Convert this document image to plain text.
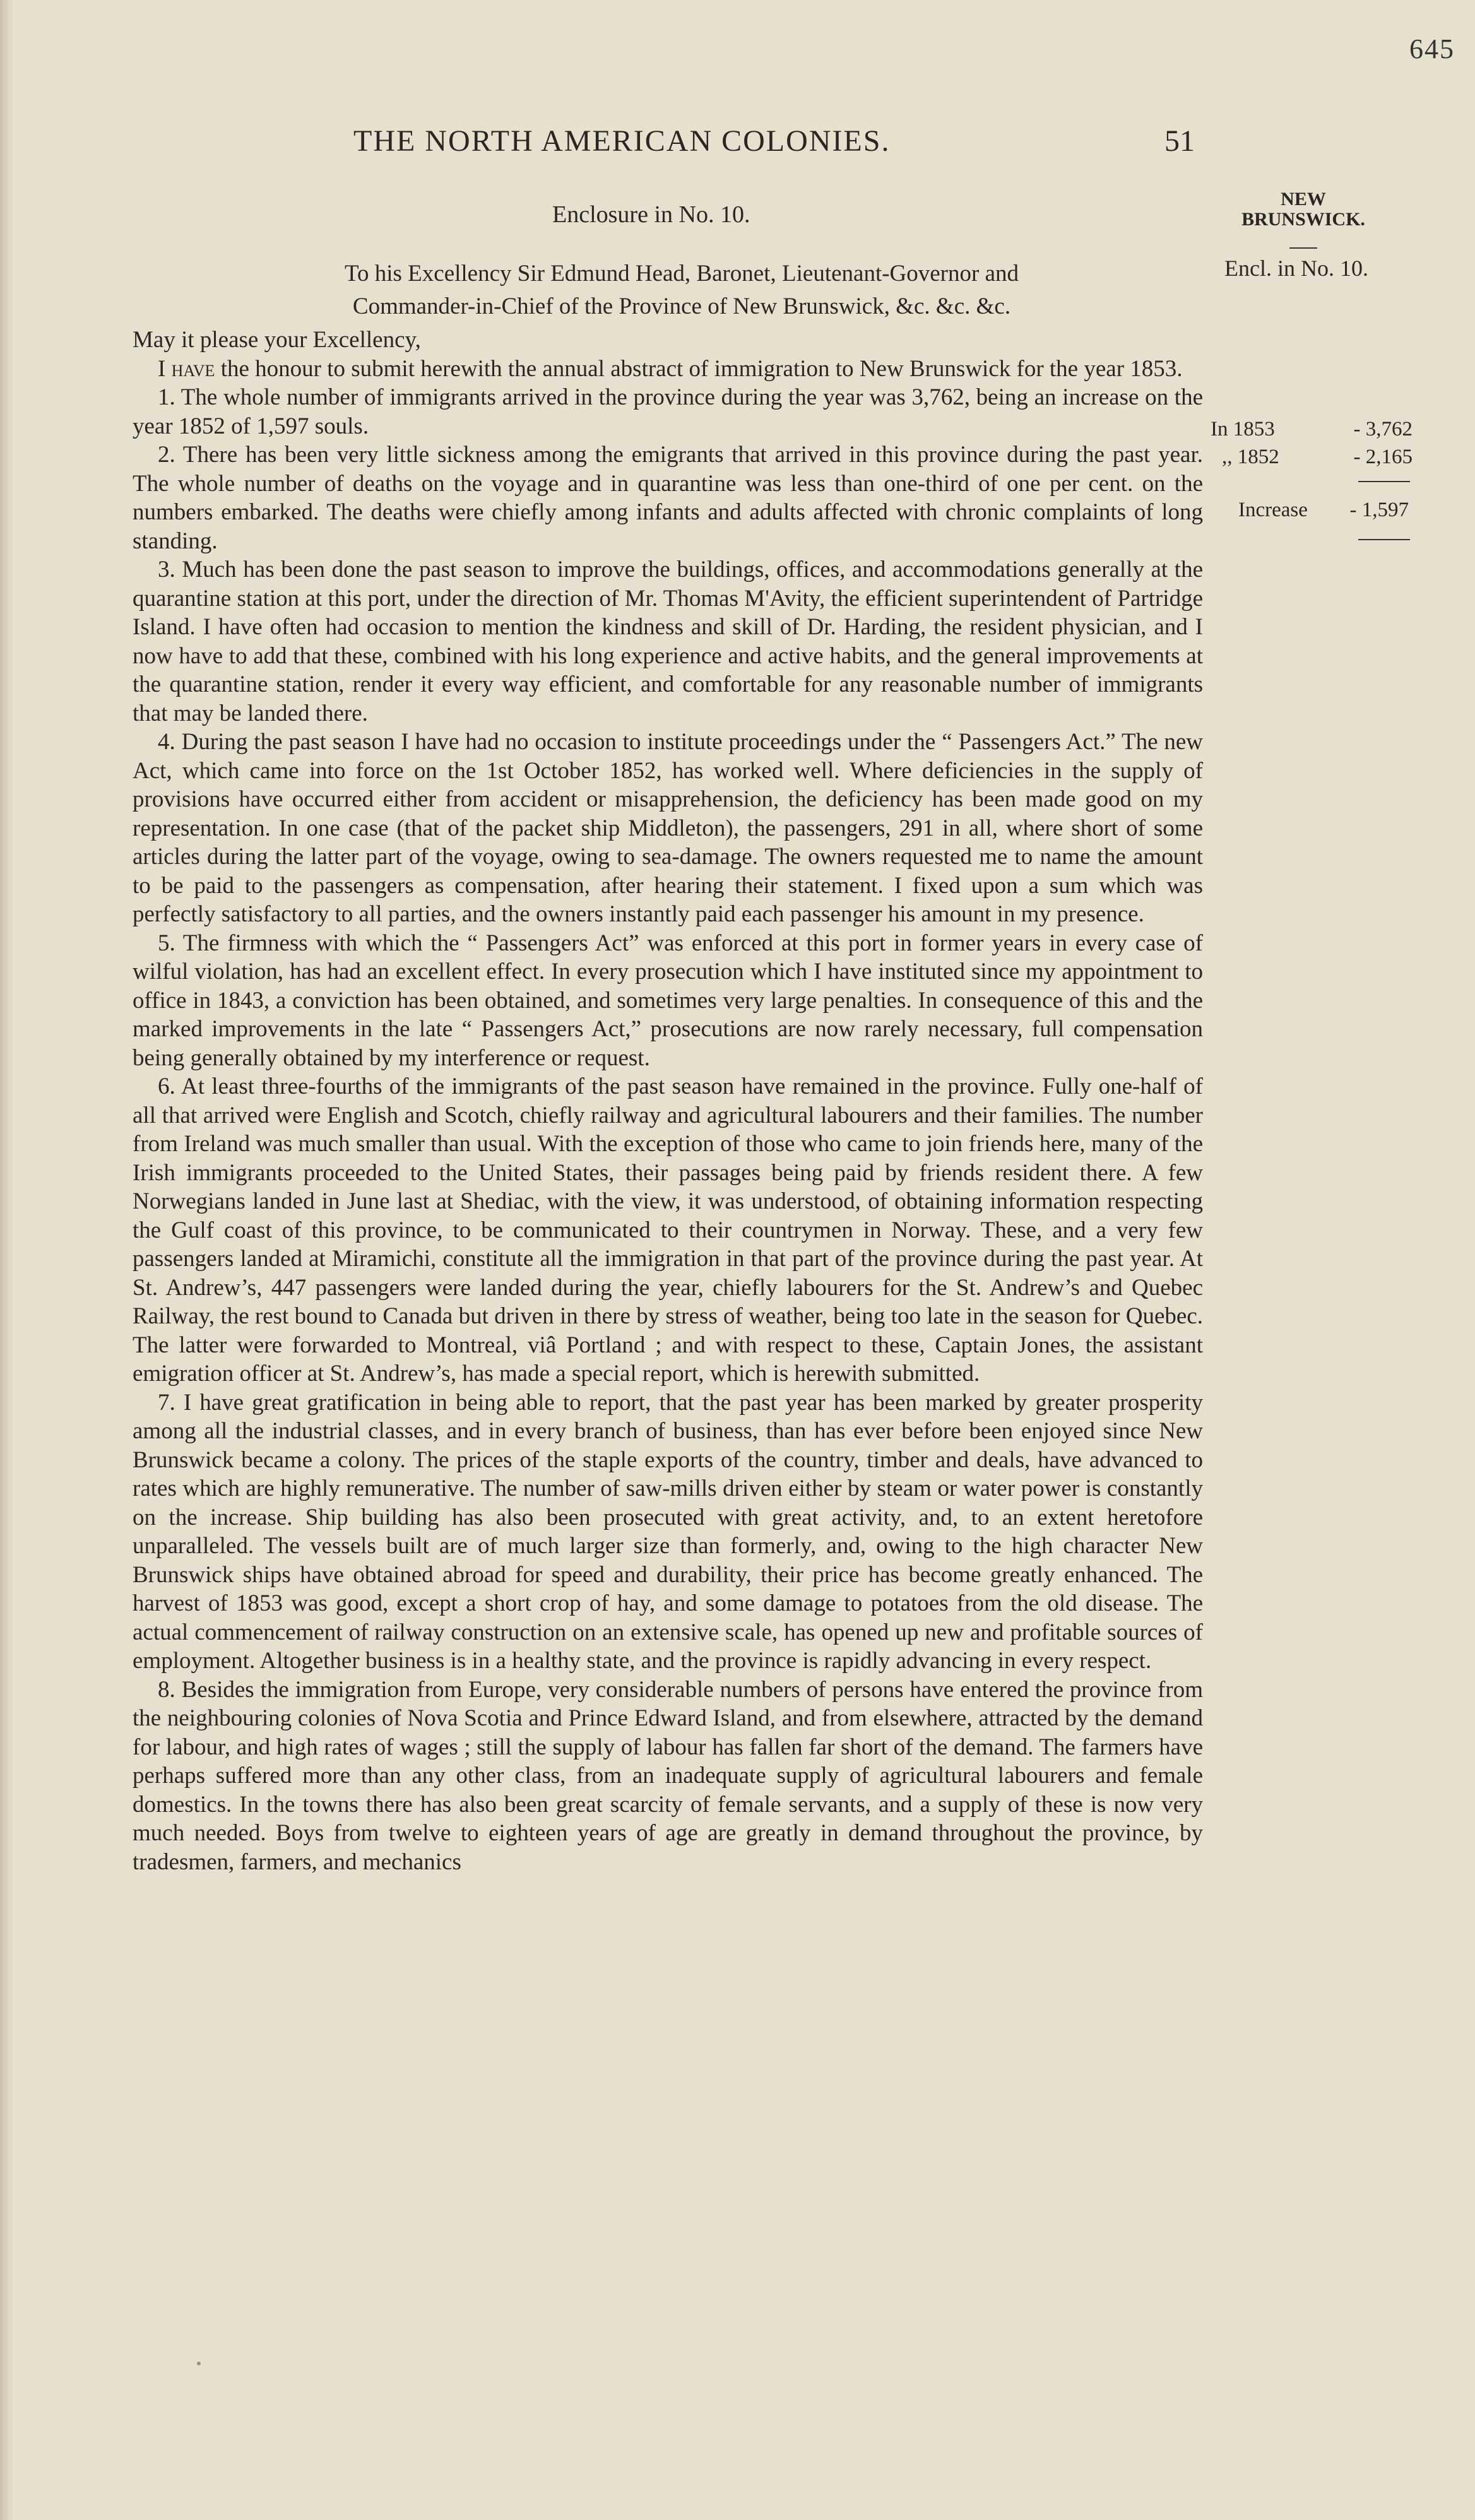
645
THE NORTH AMERICAN COLONIES.	51
NEW
BRUNSWICK.
Encl. in No. 10.
Enclosure in No. 10.
To his Excellency Sir Edmund Head, Baronet, Lieutenant-Governor and
Commander-in-Chief of the Province of New Brunswick, &c. &c. &c.
In 1853	- 3,762
,, 1852	- 2,165
Increase - 1,597

May it please your Excellency,

I have the honour to submit herewith the annual abstract of immigration to New Brunswick for the year 1853.

1. The whole number of immigrants arrived in the province during the year was 3,762, being an increase on the year 1852 of 1,597 souls.

2. There has been very little sickness among the emigrants that arrived in this province during the past year. The whole number of deaths on the voyage and in quarantine was less than one-third of one per cent. on the numbers embarked. The deaths were chiefly among infants and adults affected with chronic complaints of long standing.

3. Much has been done the past season to improve the buildings, offices, and accommodations generally at the quarantine station at this port, under the direction of Mr. Thomas M'Avity, the efficient superintendent of Partridge Island. I have often had occasion to mention the kindness and skill of Dr. Harding, the resident physician, and I now have to add that these, combined with his long experience and active habits, and the general improvements at the quarantine station, render it every way efficient, and comfortable for any reasonable number of immigrants that may be landed there.

4. During the past season I have had no occasion to institute proceedings under the “ Passengers Act.” The new Act, which came into force on the 1st October 1852, has worked well. Where deficiencies in the supply of provisions have occurred either from accident or misapprehension, the deficiency has been made good on my representation. In one case (that of the packet ship Middleton), the passengers, 291 in all, where short of some articles during the latter part of the voyage, owing to sea-damage. The owners requested me to name the amount to be paid to the passengers as compensation, after hearing their statement. I fixed upon a sum which was perfectly satisfactory to all parties, and the owners instantly paid each passenger his amount in my presence.

5. The firmness with which the “ Passengers Act” was enforced at this port in former years in every case of wilful violation, has had an excellent effect. In every prosecution which I have instituted since my appointment to office in 1843, a conviction has been obtained, and sometimes very large penalties. In consequence of this and the marked improvements in the late “ Passengers Act,” prosecutions are now rarely necessary, full compensation being generally obtained by my interference or request.

6. At least three-fourths of the immigrants of the past season have remained in the province. Fully one-half of all that arrived were English and Scotch, chiefly railway and agricultural labourers and their families. The number from Ireland was much smaller than usual. With the exception of those who came to join friends here, many of the Irish immigrants proceeded to the United States, their passages being paid by friends resident there. A few Norwegians landed in June last at Shediac, with the view, it was understood, of obtaining information respecting the Gulf coast of this province, to be communicated to their countrymen in Norway. These, and a very few passengers landed at Miramichi, constitute all the immigration in that part of the province during the past year. At St. Andrew’s, 447 passengers were landed during the year, chiefly labourers for the St. Andrew’s and Quebec Railway, the rest bound to Canada but driven in there by stress of weather, being too late in the season for Quebec. The latter were forwarded to Montreal, viâ Portland ; and with respect to these, Captain Jones, the assistant emigration officer at St. Andrew’s, has made a special report, which is herewith submitted.

7. I have great gratification in being able to report, that the past year has been marked by greater prosperity among all the industrial classes, and in every branch of business, than has ever before been enjoyed since New Brunswick became a colony. The prices of the staple exports of the country, timber and deals, have advanced to rates which are highly remunerative. The number of saw-mills driven either by steam or water power is constantly on the increase. Ship building has also been prosecuted with great activity, and, to an extent heretofore unparalleled. The vessels built are of much larger size than formerly, and, owing to the high character New Brunswick ships have obtained abroad for speed and durability, their price has become greatly enhanced. The harvest of 1853 was good, except a short crop of hay, and some damage to potatoes from the old disease. The actual commencement of railway construction on an extensive scale, has opened up new and profitable sources of employment. Altogether business is in a healthy state, and the province is rapidly advancing in every respect.

8. Besides the immigration from Europe, very considerable numbers of persons have entered the province from the neighbouring colonies of Nova Scotia and Prince Edward Island, and from elsewhere, attracted by the demand for labour, and high rates of wages ; still the supply of labour has fallen far short of the demand. The farmers have perhaps suffered more than any other class, from an inadequate supply of agricultural labourers and female domestics. In the towns there has also been great scarcity of female servants, and a supply of these is now very much needed. Boys from twelve to eighteen years of age are greatly in demand throughout the province, by tradesmen, farmers, and mechanics
